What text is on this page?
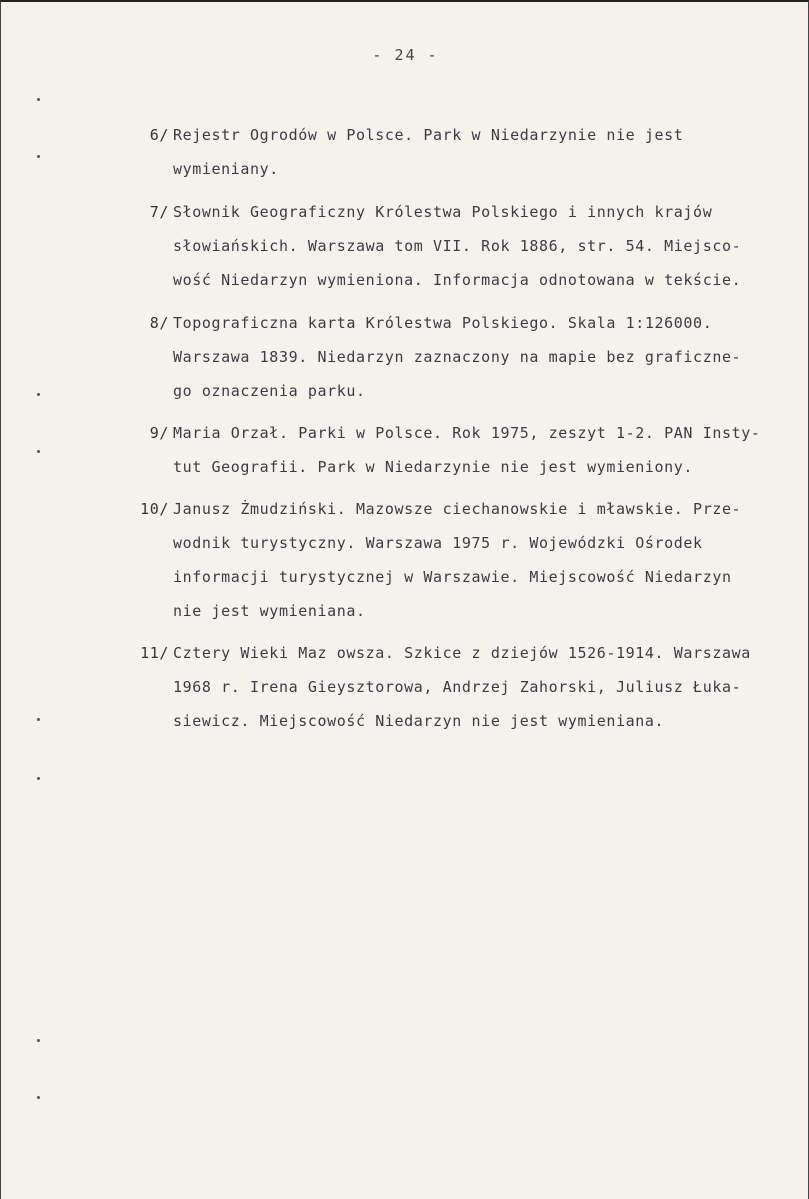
- 24 -
6/ Rejestr Ogrodów w Polsce. Park w Niedarzynie nie jest
wymieniany.
7/ Słownik Geograficzny Królestwa Polskiego i innych krajów
słowiańskich. Warszawa tom VII. Rok 1886, str. 54. Miejsco-
wość Niedarzyn wymieniona. Informacja odnotowana w tekście.
8/ Topograficzna karta Królestwa Polskiego. Skala 1:126000.
Warszawa 1839. Niedarzyn zaznaczony na mapie bez graficzne-
go oznaczenia parku.
9/ Maria Orzał. Parki w Polsce. Rok 1975, zeszyt 1-2. PAN Insty-
tut Geografii. Park w Niedarzynie nie jest wymieniony.
10/ Janusz Żmudziński. Mazowsze ciechanowskie i mławskie. Prze-
wodnik turystyczny. Warszawa 1975 r. Wojewódzki Ośrodek
informacji turystycznej w Warszawie. Miejscowość Niedarzyn
nie jest wymieniana.
11/ Cztery Wieki Maz owsza. Szkice z dziejów 1526-1914. Warszawa
1968 r. Irena Gieysztorowa, Andrzej Zahorski, Juliusz Łuka-
siewicz. Miejscowość Niedarzyn nie jest wymieniana.
